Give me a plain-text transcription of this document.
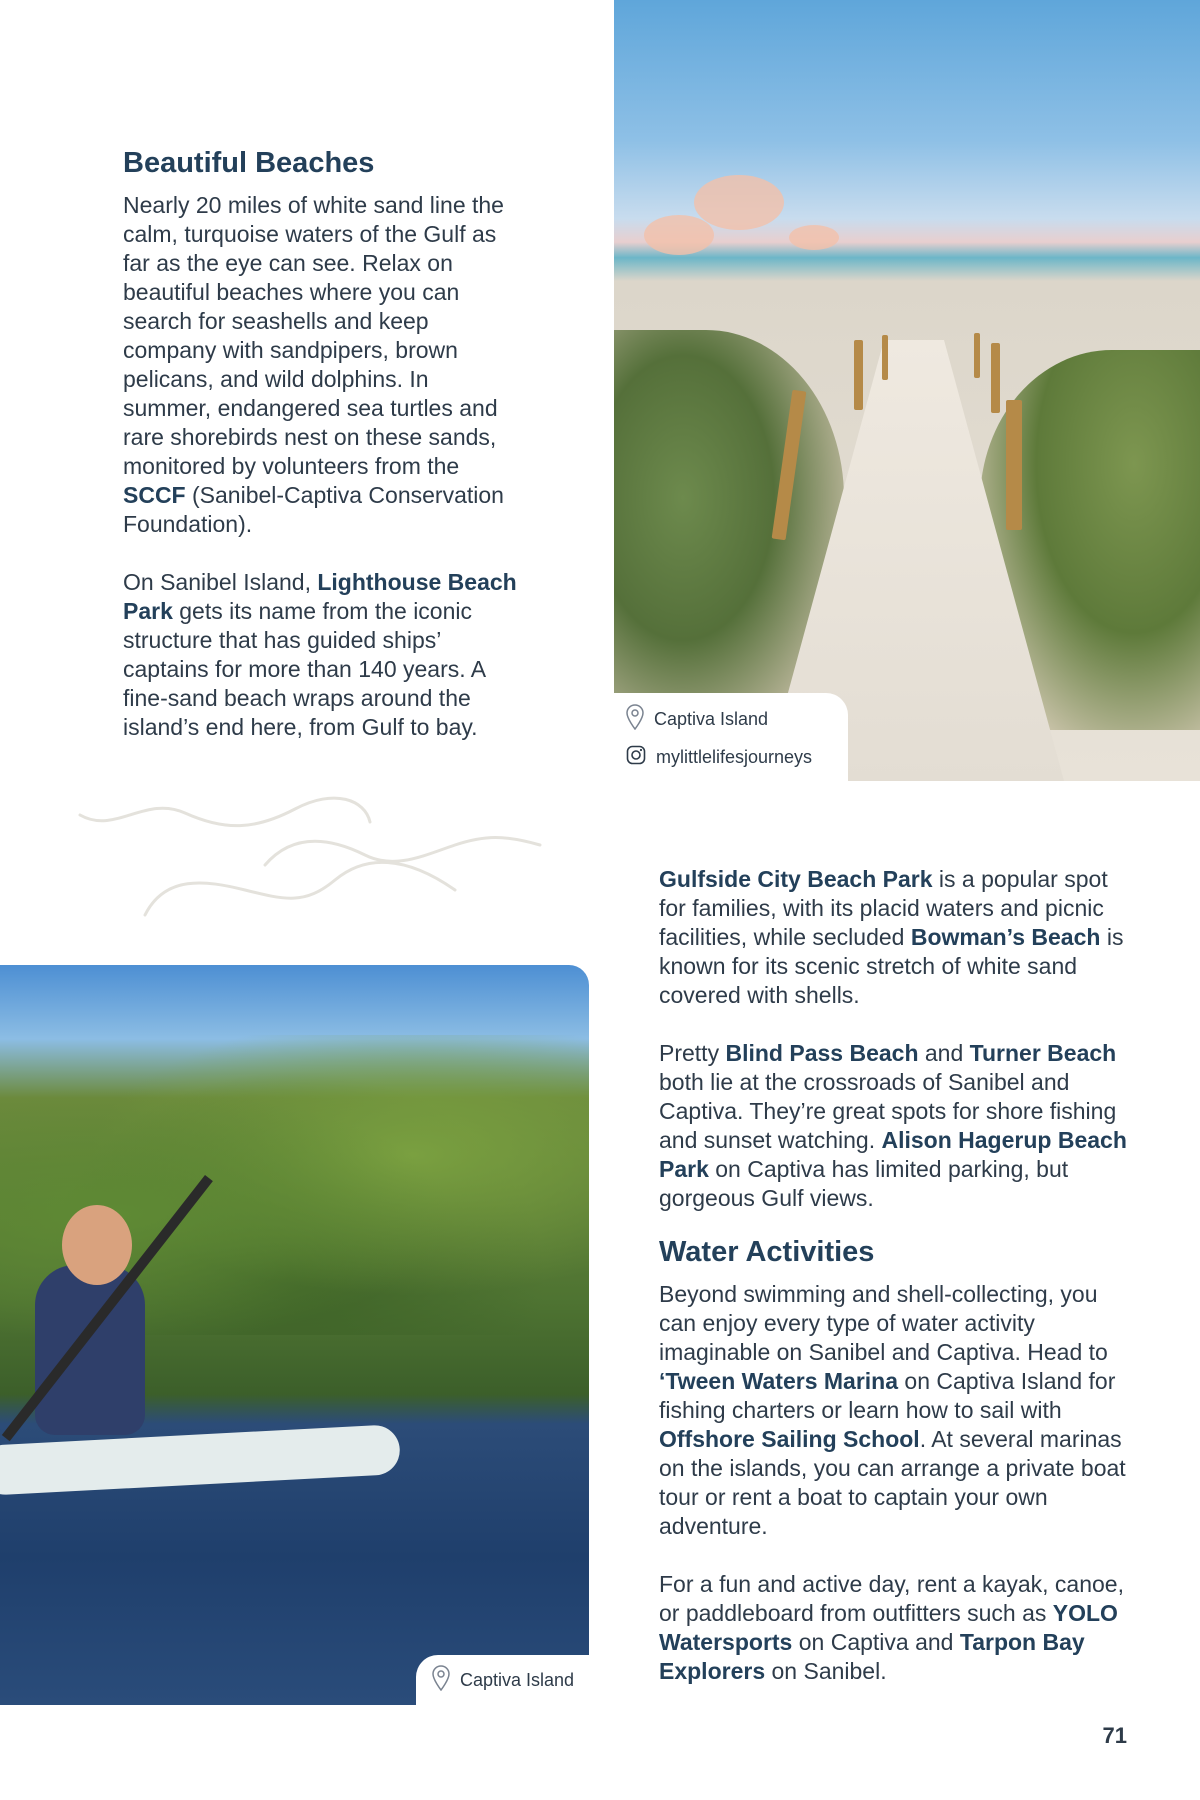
Beautiful Beaches

Nearly 20 miles of white sand line the calm, turquoise waters of the Gulf as far as the eye can see. Relax on beautiful beaches where you can search for seashells and keep company with sandpipers, brown pelicans, and wild dolphins. In summer, endangered sea turtles and rare shorebirds nest on these sands, monitored by volunteers from the SCCF (Sanibel-Captiva Conservation Foundation).

On Sanibel Island, Lighthouse Beach Park gets its name from the iconic structure that has guided ships’ captains for more than 140 years. A fine-sand beach wraps around the island’s end here, from Gulf to bay.	Captiva Island
mylittlelifesjourneys
Captiva Island

Gulfside City Beach Park is a popular spot for families, with its placid waters and picnic facilities, while secluded Bowman’s Beach is known for its scenic stretch of white sand covered with shells.

Pretty Blind Pass Beach and Turner Beach both lie at the crossroads of Sanibel and Captiva. They’re great spots for shore fishing and sunset watching. Alison Hagerup Beach Park on Captiva has limited parking, but gorgeous Gulf views.

Water Activities

Beyond swimming and shell-collecting, you can enjoy every type of water activity imaginable on Sanibel and Captiva. Head to ‘Tween Waters Marina on Captiva Island for fishing charters or learn how to sail with Offshore Sailing School. At several marinas on the islands, you can arrange a private boat tour or rent a boat to captain your own adventure.

For a fun and active day, rent a kayak, canoe, or paddleboard from outfitters such as YOLO Watersports on Captiva and Tarpon Bay Explorers on Sanibel.

71
